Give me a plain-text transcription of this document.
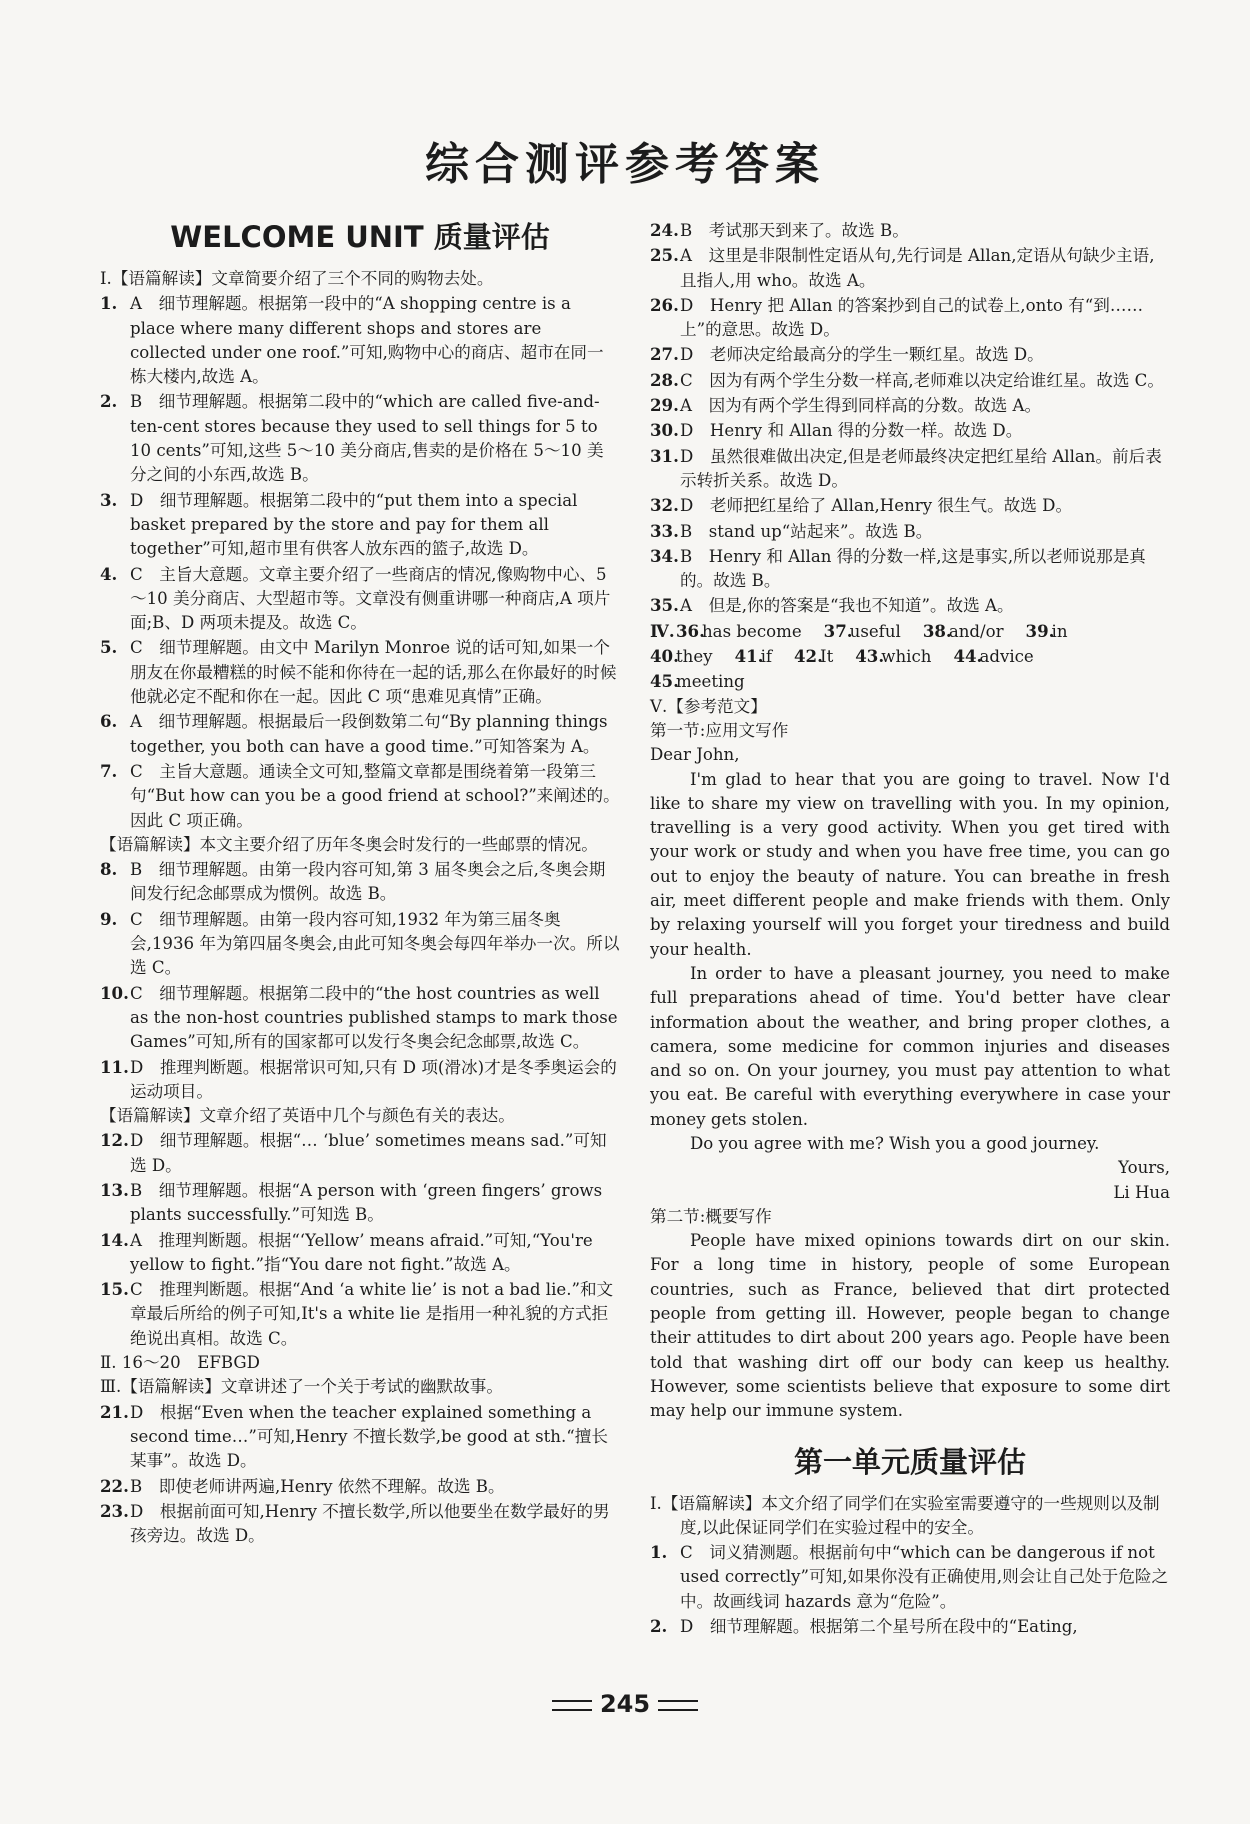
综合测评参考答案
WELCOME UNIT 质量评估

Ⅰ.【语篇解读】文章简要介绍了三个不同的购物去处。

1. A　细节理解题。根据第一段中的“A shopping centre is a place where many different shops and stores are collected under one roof.”可知,购物中心的商店、超市在同一栋大楼内,故选 A。

2. B　细节理解题。根据第二段中的“which are called five-and-ten-cent stores because they used to sell things for 5 to 10 cents”可知,这些 5～10 美分商店,售卖的是价格在 5～10 美分之间的小东西,故选 B。

3. D　细节理解题。根据第二段中的“put them into a special basket prepared by the store and pay for them all together”可知,超市里有供客人放东西的篮子,故选 D。

4. C　主旨大意题。文章主要介绍了一些商店的情况,像购物中心、5～10 美分商店、大型超市等。文章没有侧重讲哪一种商店,A 项片面;B、D 两项未提及。故选 C。

5. C　细节理解题。由文中 Marilyn Monroe 说的话可知,如果一个朋友在你最糟糕的时候不能和你待在一起的话,那么在你最好的时候他就必定不配和你在一起。因此 C 项“患难见真情”正确。

6. A　细节理解题。根据最后一段倒数第二句“By planning things together, you both can have a good time.”可知答案为 A。

7. C　主旨大意题。通读全文可知,整篇文章都是围绕着第一段第三句“But how can you be a good friend at school?”来阐述的。因此 C 项正确。

【语篇解读】本文主要介绍了历年冬奥会时发行的一些邮票的情况。

8. B　细节理解题。由第一段内容可知,第 3 届冬奥会之后,冬奥会期间发行纪念邮票成为惯例。故选 B。

9. C　细节理解题。由第一段内容可知,1932 年为第三届冬奥会,1936 年为第四届冬奥会,由此可知冬奥会每四年举办一次。所以选 C。

10.C　细节理解题。根据第二段中的“the host countries as well as the non-host countries published stamps to mark those Games”可知,所有的国家都可以发行冬奥会纪念邮票,故选 C。

11.D　推理判断题。根据常识可知,只有 D 项(滑冰)才是冬季奥运会的运动项目。

【语篇解读】文章介绍了英语中几个与颜色有关的表达。

12.D　细节理解题。根据“… ‘blue’ sometimes means sad.”可知选 D。

13.B　细节理解题。根据“A person with ‘green fingers’ grows plants successfully.”可知选 B。

14.A　推理判断题。根据“‘Yellow’ means afraid.”可知,“You're yellow to fight.”指“You dare not fight.”故选 A。

15.C　推理判断题。根据“And ‘a white lie’ is not a bad lie.”和文章最后所给的例子可知,It's a white lie 是指用一种礼貌的方式拒绝说出真相。故选 C。

Ⅱ. 16～20　EFBGD

Ⅲ.【语篇解读】文章讲述了一个关于考试的幽默故事。

21.D　根据“Even when the teacher explained something a second time…”可知,Henry 不擅长数学,be good at sth.“擅长某事”。故选 D。

22.B　即使老师讲两遍,Henry 依然不理解。故选 B。

23.D　根据前面可知,Henry 不擅长数学,所以他要坐在数学最好的男孩旁边。故选 D。

24.B　考试那天到来了。故选 B。

25.A　这里是非限制性定语从句,先行词是 Allan,定语从句缺少主语,且指人,用 who。故选 A。

26.D　Henry 把 Allan 的答案抄到自己的试卷上,onto 有“到……上”的意思。故选 D。

27.D　老师决定给最高分的学生一颗红星。故选 D。

28.C　因为有两个学生分数一样高,老师难以决定给谁红星。故选 C。

29.A　因为有两个学生得到同样高的分数。故选 A。

30.D　Henry 和 Allan 得的分数一样。故选 D。

31.D　虽然很难做出决定,但是老师最终决定把红星给 Allan。前后表示转折关系。故选 D。

32.D　老师把红星给了 Allan,Henry 很生气。故选 D。

33.B　stand up“站起来”。故选 B。

34.B　Henry 和 Allan 得的分数一样,这是事实,所以老师说那是真的。故选 B。

35.A　但是,你的答案是“我也不知道”。故选 A。

Ⅳ.36.has become 37.useful 38.and/or 39.in

40.they 41.if 42.It 43.which 44.advice

45.meeting

Ⅴ.【参考范文】

第一节:应用文写作

Dear John,

I'm glad to hear that you are going to travel. Now I'd like to share my view on travelling with you. In my opinion, travelling is a very good activity. When you get tired with your work or study and when you have free time, you can go out to enjoy the beauty of nature. You can breathe in fresh air, meet different people and make friends with them. Only by relaxing yourself will you forget your tiredness and build your health.

In order to have a pleasant journey, you need to make full preparations ahead of time. You'd better have clear information about the weather, and bring proper clothes, a camera, some medicine for common injuries and diseases and so on. On your journey, you must pay attention to what you eat. Be careful with everything everywhere in case your money gets stolen.

Do you agree with me? Wish you a good journey.

Yours,

Li Hua

第二节:概要写作

People have mixed opinions towards dirt on our skin. For a long time in history, people of some European countries, such as France, believed that dirt protected people from getting ill. However, people began to change their attitudes to dirt about 200 years ago. People have been told that washing dirt off our body can keep us healthy. However, some scientists believe that exposure to some dirt may help our immune system.

第一单元质量评估

Ⅰ.【语篇解读】本文介绍了同学们在实验室需要遵守的一些规则以及制度,以此保证同学们在实验过程中的安全。

1. C　词义猜测题。根据前句中“which can be dangerous if not used correctly”可知,如果你没有正确使用,则会让自己处于危险之中。故画线词 hazards 意为“危险”。

2. D　细节理解题。根据第二个星号所在段中的“Eating,

245
